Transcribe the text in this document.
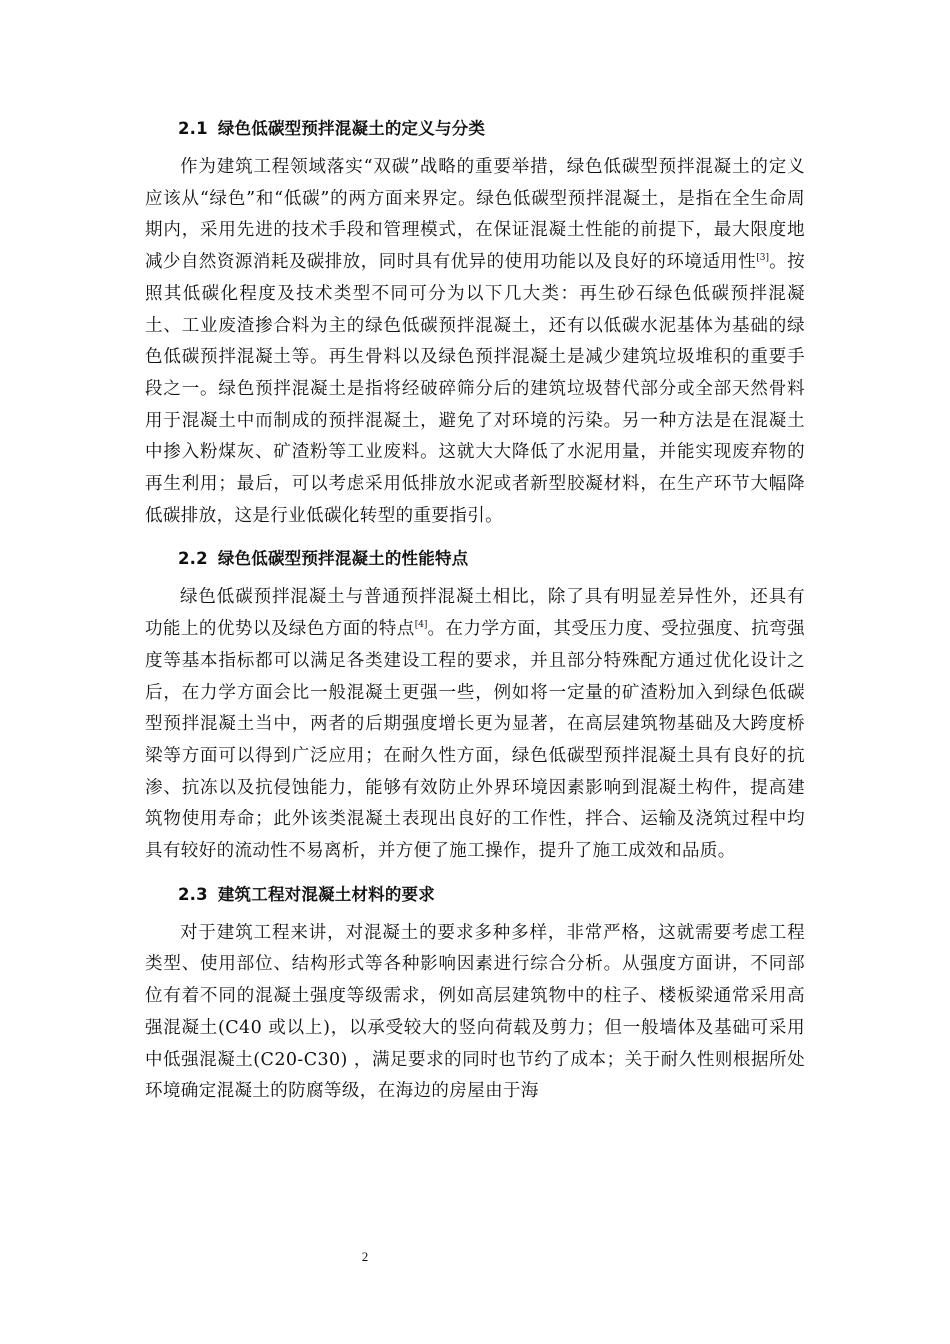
2.1 绿色低碳型预拌混凝土的定义与分类

作为建筑工程领域落实“双碳”战略的重要举措，绿色低碳型预拌混凝土的定义应该从“绿色”和“低碳”的两方面来界定。绿色低碳型预拌混凝土，是指在全生命周期内，采用先进的技术手段和管理模式，在保证混凝土性能的前提下，最大限度地减少自然资源消耗及碳排放，同时具有优异的使用功能以及良好的环境适用性[3]。按照其低碳化程度及技术类型不同可分为以下几大类：再生砂石绿色低碳预拌混凝土、工业废渣掺合料为主的绿色低碳预拌混凝土，还有以低碳水泥基体为基础的绿色低碳预拌混凝土等。再生骨料以及绿色预拌混凝土是减少建筑垃圾堆积的重要手段之一。绿色预拌混凝土是指将经破碎筛分后的建筑垃圾替代部分或全部天然骨料用于混凝土中而制成的预拌混凝土，避免了对环境的污染。另一种方法是在混凝土中掺入粉煤灰、矿渣粉等工业废料。这就大大降低了水泥用量，并能实现废弃物的再生利用；最后，可以考虑采用低排放水泥或者新型胶凝材料，在生产环节大幅降低碳排放，这是行业低碳化转型的重要指引。

2.2 绿色低碳型预拌混凝土的性能特点

绿色低碳预拌混凝土与普通预拌混凝土相比，除了具有明显差异性外，还具有功能上的优势以及绿色方面的特点[4]。在力学方面，其受压力度、受拉强度、抗弯强度等基本指标都可以满足各类建设工程的要求，并且部分特殊配方通过优化设计之后，在力学方面会比一般混凝土更强一些，例如将一定量的矿渣粉加入到绿色低碳型预拌混凝土当中，两者的后期强度增长更为显著，在高层建筑物基础及大跨度桥梁等方面可以得到广泛应用；在耐久性方面，绿色低碳型预拌混凝土具有良好的抗渗、抗冻以及抗侵蚀能力，能够有效防止外界环境因素影响到混凝土构件，提高建筑物使用寿命；此外该类混凝土表现出良好的工作性，拌合、运输及浇筑过程中均具有较好的流动性不易离析，并方便了施工操作，提升了施工成效和品质。

2.3 建筑工程对混凝土材料的要求

对于建筑工程来讲，对混凝土的要求多种多样，非常严格，这就需要考虑工程类型、使用部位、结构形式等各种影响因素进行综合分析。从强度方面讲，不同部位有着不同的混凝土强度等级需求，例如高层建筑物中的柱子、楼板梁通常采用高强混凝土(C40 或以上)，以承受较大的竖向荷载及剪力；但一般墙体及基础可采用中低强混凝土(C20-C30) ，满足要求的同时也节约了成本；关于耐久性则根据所处环境确定混凝土的防腐等级，在海边的房屋由于海

2
